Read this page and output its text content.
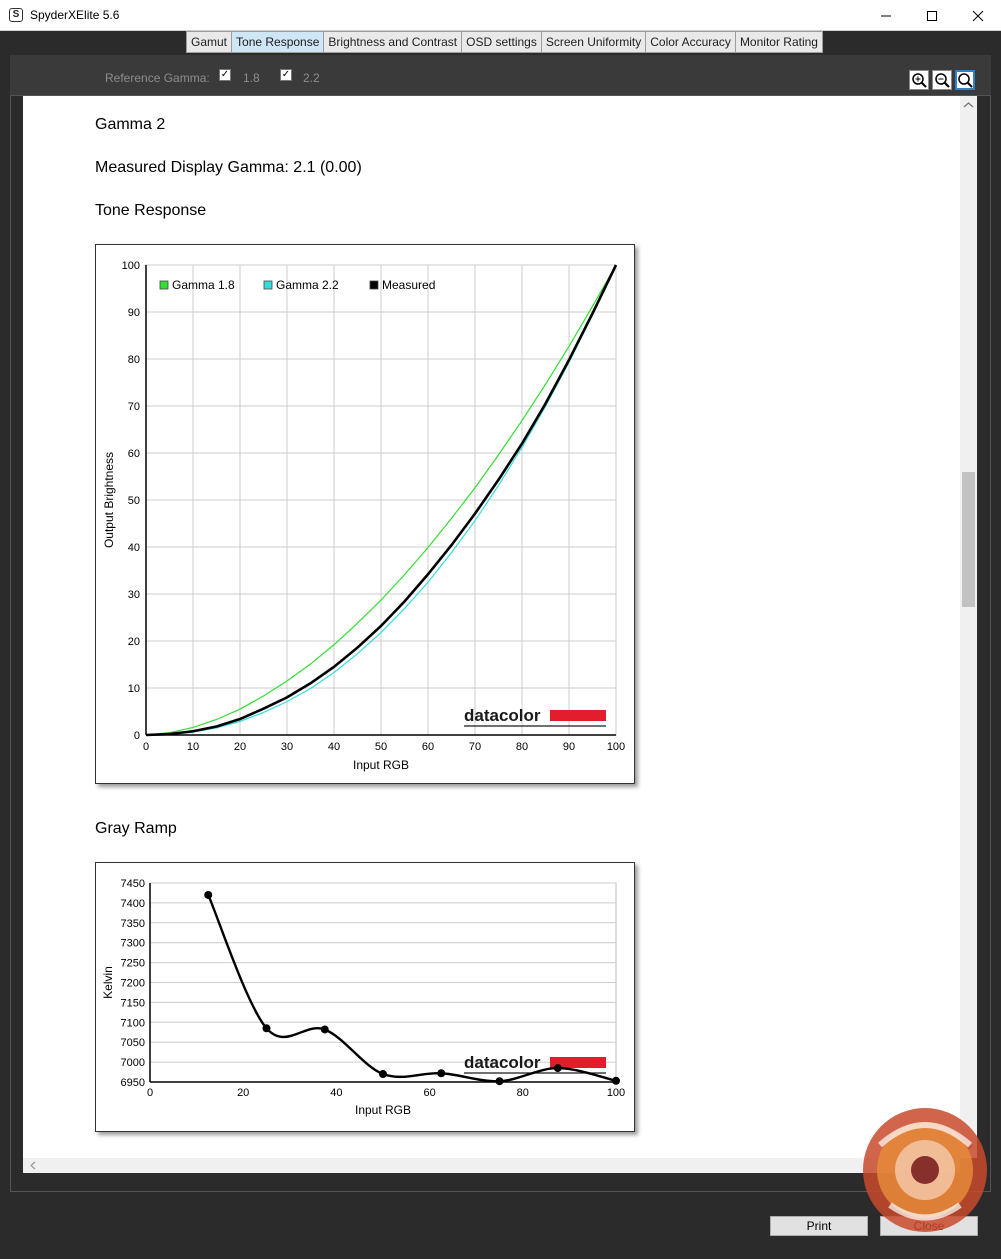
S SpyderXElite 5.6
Gamut Tone Response Brightness and Contrast OSD settings Screen Uniformity Color Accuracy Monitor Rating
Reference Gamma: ✓ 1.8 ✓ 2.2
Gamma 2
Measured Display Gamma: 2.1 (0.00)
Tone Response
Gray Ramp
0	10	20	30	40	50	60	70	80	90	100
0
10
20
30
40
50
60
70
80
90
100
Gamma 1.8	Gamma 2.2	Measured
Input RGB
Output Brightness
datacolor
6950
7000
7050
7100
7150
7200
7250
7300
7350
7400
7450
0	20	40	60	80	100
datacolor
Input RGB
Kelvin
Print
